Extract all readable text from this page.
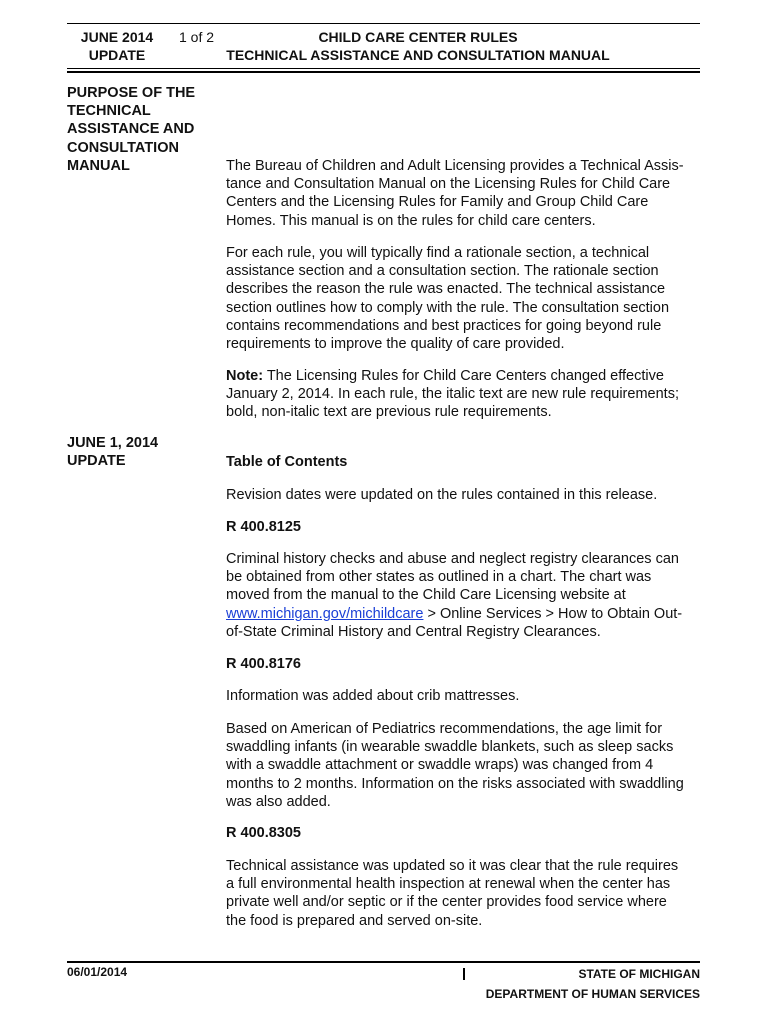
JUNE 2014
UPDATE
1 of 2	CHILD CARE CENTER RULES
TECHNICAL ASSISTANCE AND CONSULTATION MANUAL
PURPOSE OF THE
TECHNICAL
ASSISTANCE AND
CONSULTATION
MANUAL
JUNE 1, 2014
UPDATE
The Bureau of Children and Adult Licensing provides a Technical Assis-
tance and Consultation Manual on the Licensing Rules for Child Care
Centers and the Licensing Rules for Family and Group Child Care
Homes. This manual is on the rules for child care centers.
For each rule, you will typically find a rationale section, a technical
assistance section and a consultation section. The rationale section
describes the reason the rule was enacted. The technical assistance
section outlines how to comply with the rule. The consultation section
contains recommendations and best practices for going beyond rule
requirements to improve the quality of care provided.
Note: The Licensing Rules for Child Care Centers changed effective
January 2, 2014. In each rule, the italic text are new rule requirements;
bold, non-italic text are previous rule requirements.
Table of Contents
Revision dates were updated on the rules contained in this release.
R 400.8125
Criminal history checks and abuse and neglect registry clearances can
be obtained from other states as outlined in a chart. The chart was
moved from the manual to the Child Care Licensing website at
www.michigan.gov/michildcare > Online Services > How to Obtain Out-
of-State Criminal History and Central Registry Clearances.
R 400.8176
Information was added about crib mattresses.
Based on American of Pediatrics recommendations, the age limit for
swaddling infants (in wearable swaddle blankets, such as sleep sacks
with a swaddle attachment or swaddle wraps) was changed from 4
months to 2 months. Information on the risks associated with swaddling
was also added.
R 400.8305
Technical assistance was updated so it was clear that the rule requires
a full environmental health inspection at renewal when the center has
private well and/or septic or if the center provides food service where
the food is prepared and served on-site.
06/01/2014	STATE OF MICHIGAN
DEPARTMENT OF HUMAN SERVICES
